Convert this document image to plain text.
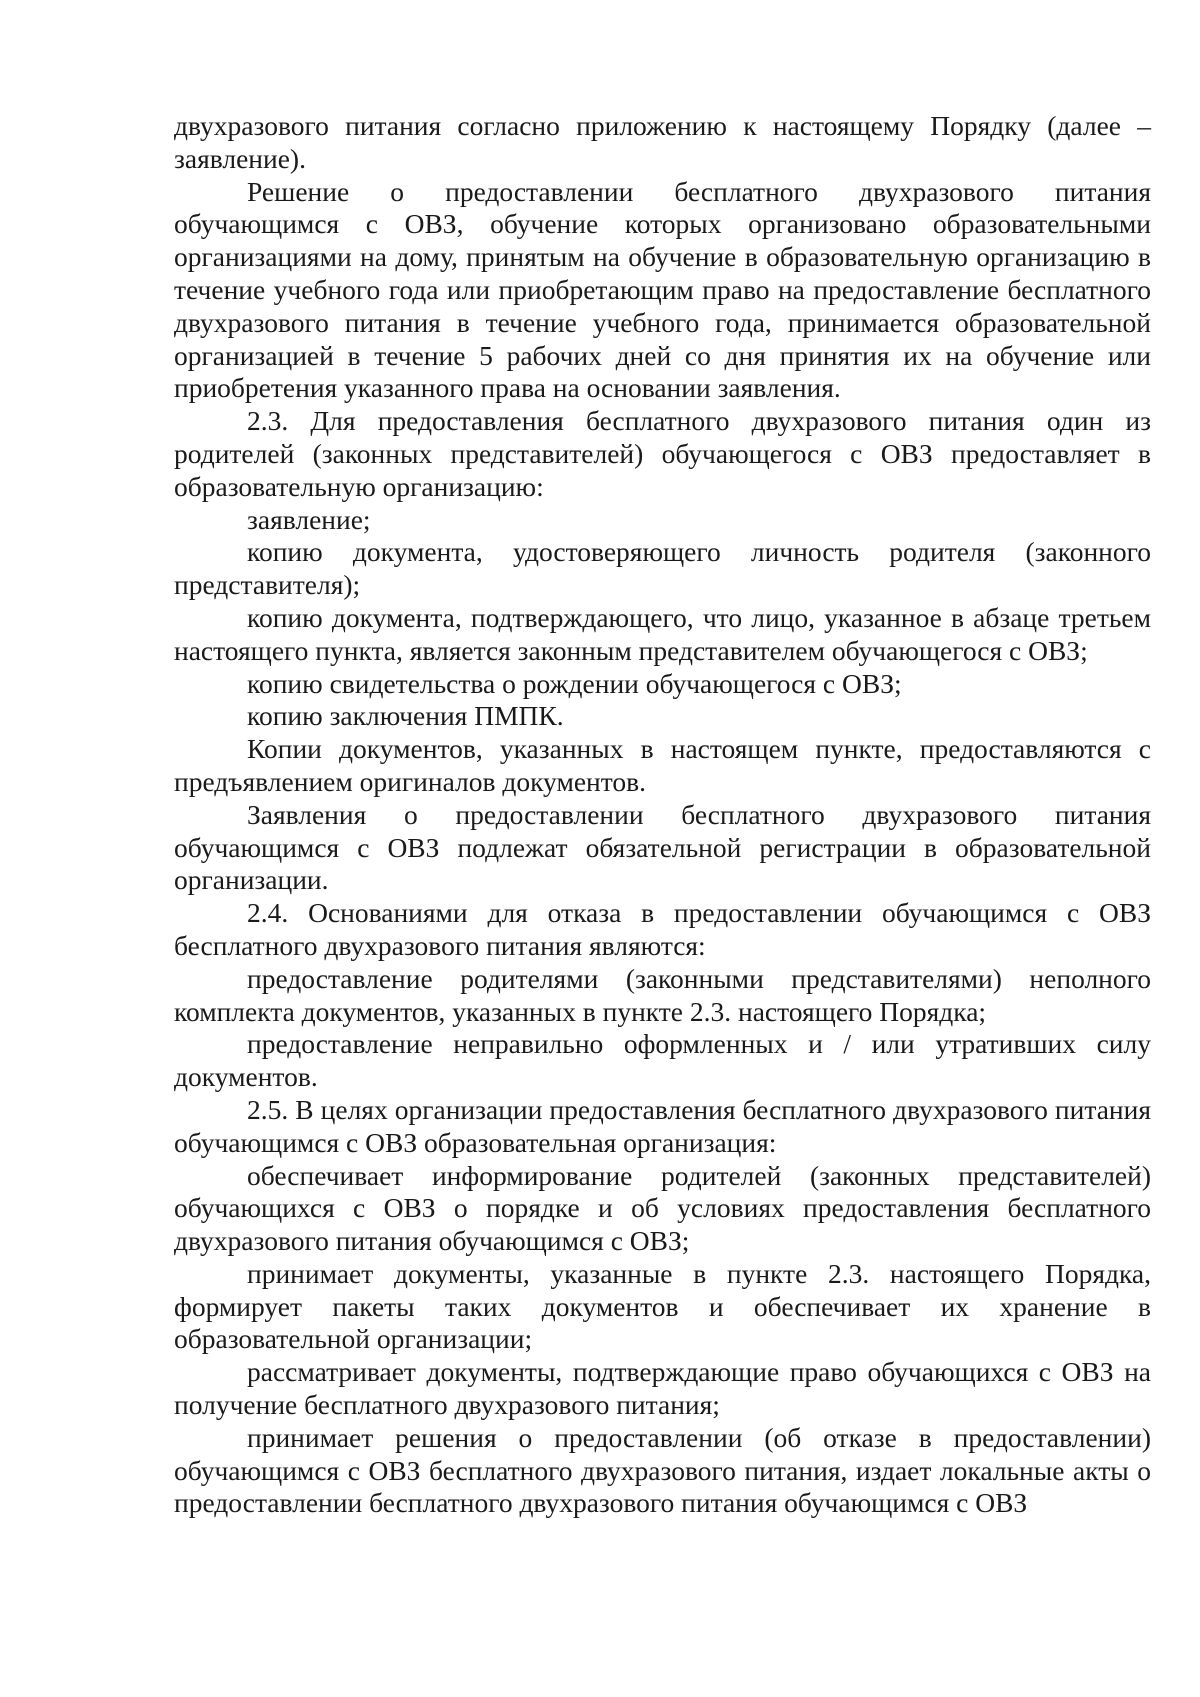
двухразового питания согласно приложению к настоящему Порядку (далее – заявление).

Решение о предоставлении бесплатного двухразового питания обучающимся с ОВЗ, обучение которых организовано образовательными организациями на дому, принятым на обучение в образовательную организацию в течение учебного года или приобретающим право на предоставление бесплатного двухразового питания в течение учебного года, принимается образовательной организацией в течение 5 рабочих дней со дня принятия их на обучение или приобретения указанного права на основании заявления.

2.3. Для предоставления бесплатного двухразового питания один из родителей (законных представителей) обучающегося с ОВЗ предоставляет в образовательную организацию:

заявление;

копию документа, удостоверяющего личность родителя (законного представителя);

копию документа, подтверждающего, что лицо, указанное в абзаце третьем настоящего пункта, является законным представителем обучающегося с ОВЗ;

копию свидетельства о рождении обучающегося с ОВЗ;

копию заключения ПМПК.

Копии документов, указанных в настоящем пункте, предоставляются с предъявлением оригиналов документов.

Заявления о предоставлении бесплатного двухразового питания обучающимся с ОВЗ подлежат обязательной регистрации в образовательной организации.

2.4. Основаниями для отказа в предоставлении обучающимся с ОВЗ бесплатного двухразового питания являются:

предоставление родителями (законными представителями) неполного комплекта документов, указанных в пункте 2.3. настоящего Порядка;

предоставление неправильно оформленных и / или утративших силу документов.

2.5. В целях организации предоставления бесплатного двухразового питания обучающимся с ОВЗ образовательная организация:

обеспечивает информирование родителей (законных представителей) обучающихся с ОВЗ о порядке и об условиях предоставления бесплатного двухразового питания обучающимся с ОВЗ;

принимает документы, указанные в пункте 2.3. настоящего Порядка, формирует пакеты таких документов и обеспечивает их хранение в образовательной организации;

рассматривает документы, подтверждающие право обучающихся с ОВЗ на получение бесплатного двухразового питания;

принимает решения о предоставлении (об отказе в предоставлении) обучающимся с ОВЗ бесплатного двухразового питания, издает локальные акты о предоставлении бесплатного двухразового питания обучающимся с ОВЗ
